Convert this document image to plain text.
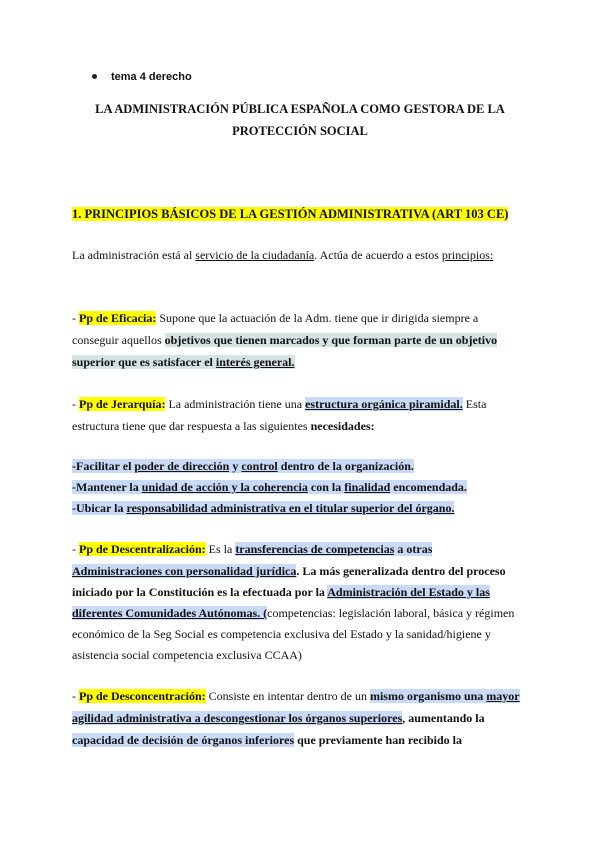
tema 4 derecho
LA ADMINISTRACIÓN PÚBLICA ESPAÑOLA COMO GESTORA DE LA
PROTECCIÓN SOCIAL
1. PRINCIPIOS BÁSICOS DE LA GESTIÓN ADMINISTRATIVA (ART 103 CE)
La administración está al servicio de la ciudadanía. Actúa de acuerdo a estos principios:
- Pp de Eficacia: Supone que la actuación de la Adm. tiene que ir dirigida siempre a
conseguir aquellos objetivos que tienen marcados y que forman parte de un objetivo
superior que es satisfacer el interés general.
- Pp de Jerarquía: La administración tiene una estructura orgánica piramidal. Esta
estructura tiene que dar respuesta a las siguientes necesidades:
-Facilitar el poder de dirección y control dentro de la organización.
-Mantener la unidad de acción y la coherencia con la finalidad encomendada.
-Ubicar la responsabilidad administrativa en el titular superior del órgano.
- Pp de Descentralización: Es la transferencias de competencias a otras
Administraciones con personalidad jurídica. La más generalizada dentro del proceso
iniciado por la Constitución es la efectuada por la Administración del Estado y las
diferentes Comunidades Autónomas. (competencias: legislación laboral, básica y régimen
económico de la Seg Social es competencia exclusiva del Estado y la sanidad/higiene y
asistencia social competencia exclusiva CCAA)
- Pp de Desconcentración: Consiste en intentar dentro de un mismo organismo una mayor
agilidad administrativa a descongestionar los órganos superiores, aumentando la
capacidad de decisión de órganos inferiores que previamente han recibido la
